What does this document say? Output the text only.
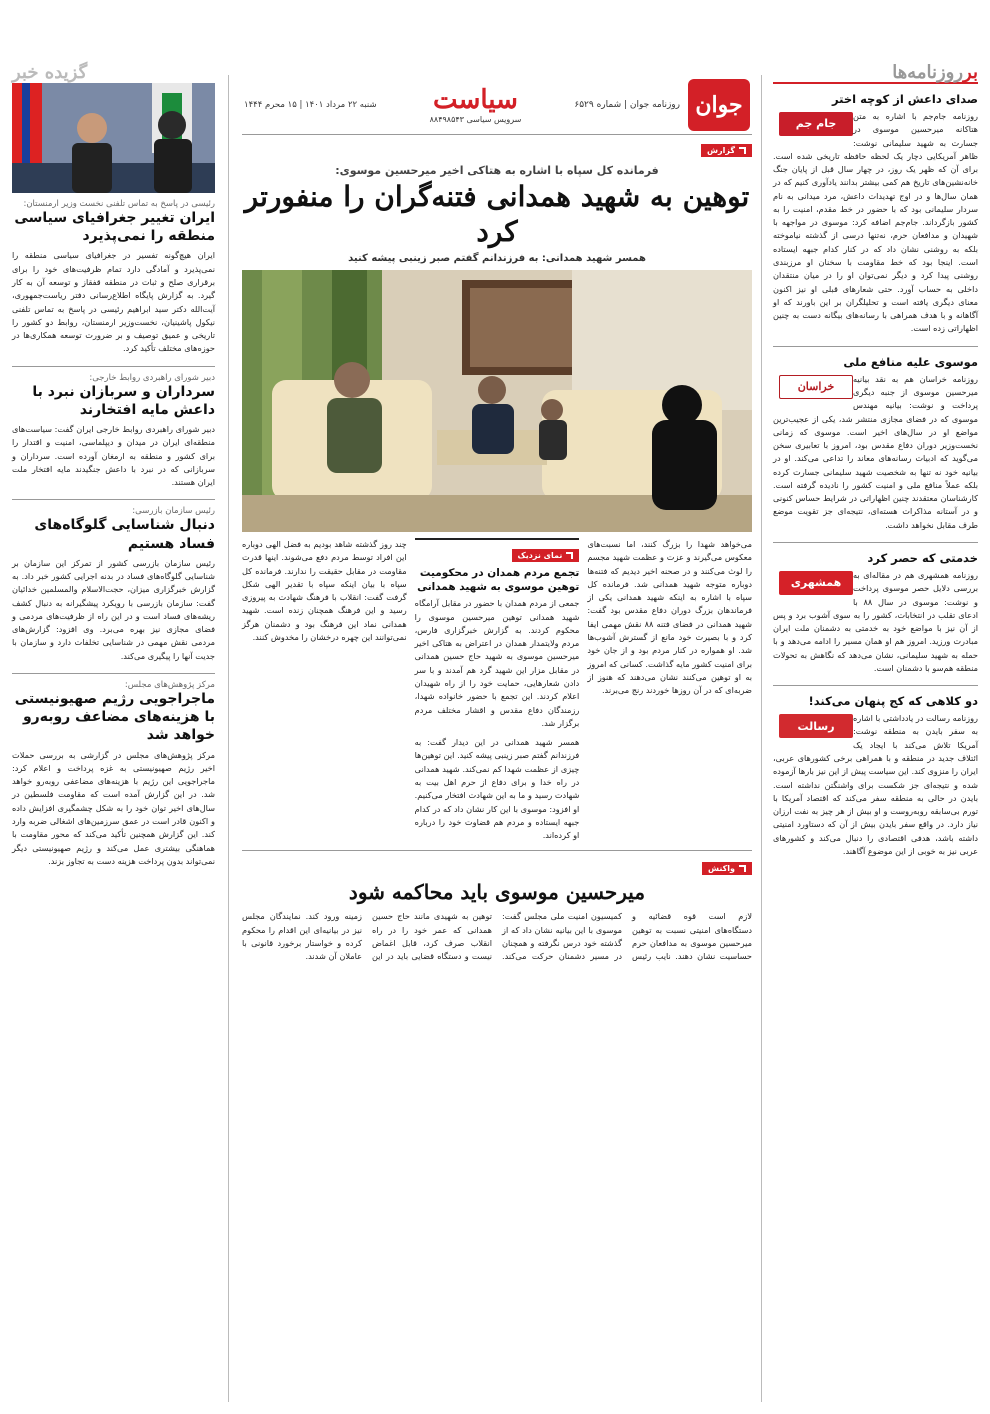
بر
روزنامه‌ها
صدای داعش از کوچه اختر
جام جم
روزنامه جام‌جم با اشاره به متن هتاکانه میرحسین موسوی در جسارت به شهید سلیمانی نوشت: ظاهر آمریکایی دچار یک لحظه حافظه تاریخی شده است. برای آن که ظهر یک روز، در چهار سال قبل از پایان جنگ خانه‌نشین‌های تاریخ هم کمی بیشتر بدانند یادآوری کنیم که در همان سال‌ها و در اوج تهدیدات داعش، مرد میدانی به نام سردار سلیمانی بود که با حضور در خط مقدم، امنیت را به کشور بازگرداند. جام‌جم اضافه کرد: موسوی در مواجهه با شهیدان و مدافعان حرم، نه‌تنها درسی از گذشته نیاموخته بلکه به روشنی نشان داد که در کنار کدام جبهه ایستاده است. اینجا بود که خط مقاومت با سخنان او مرزبندی روشنی پیدا کرد و دیگر نمی‌توان او را در میان منتقدان داخلی به حساب آورد. حتی شعارهای قبلی او نیز اکنون معنای دیگری یافته است و تحلیلگران بر این باورند که او آگاهانه و با هدف همراهی با رسانه‌های بیگانه دست به چنین اظهاراتی زده است.
موسوی علیه منافع ملی
خراسان
روزنامه خراسان هم به نقد بیانیه میرحسین موسوی از جنبه دیگری پرداخت و نوشت: بیانیه مهندس موسوی که در فضای مجازی منتشر شد، یکی از عجیب‌ترین مواضع او در سال‌های اخیر است. موسوی که زمانی نخست‌وزیر دوران دفاع مقدس بود، امروز با تعابیری سخن می‌گوید که ادبیات رسانه‌های معاند را تداعی می‌کند. او در بیانیه خود نه تنها به شخصیت شهید سلیمانی جسارت کرده بلکه عملاً منافع ملی و امنیت کشور را نادیده گرفته است. کارشناسان معتقدند چنین اظهاراتی در شرایط حساس کنونی و در آستانه مذاکرات هسته‌ای، نتیجه‌ای جز تقویت موضع طرف مقابل نخواهد داشت.
خدمتی که حصر کرد
همشهری
روزنامه همشهری هم در مقاله‌ای به بررسی دلایل حصر موسوی پرداخت و نوشت: موسوی در سال ۸۸ با ادعای تقلب در انتخابات، کشور را به سوی آشوب برد و پس از آن نیز با مواضع خود به خدمتی به دشمنان ملت ایران مبادرت ورزید. امروز هم او همان مسیر را ادامه می‌دهد و با حمله به شهید سلیمانی، نشان می‌دهد که نگاهش به تحولات منطقه هم‌سو با دشمنان است.
دو کلاهی که کج پنهان می‌کند!
رسالت
روزنامه رسالت در یادداشتی با اشاره به سفر بایدن به منطقه نوشت: آمریکا تلاش می‌کند با ایجاد یک ائتلاف جدید در منطقه و با همراهی برخی کشورهای عربی، ایران را منزوی کند. این سیاست پیش از این نیز بارها آزموده شده و نتیجه‌ای جز شکست برای واشنگتن نداشته است. بایدن در حالی به منطقه سفر می‌کند که اقتصاد آمریکا با تورم بی‌سابقه روبه‌روست و او بیش از هر چیز به نفت ارزان نیاز دارد. در واقع سفر بایدن بیش از آن که دستاورد امنیتی داشته باشد، هدفی اقتصادی را دنبال می‌کند و کشورهای عربی نیز به خوبی از این موضوع آگاهند.
جوان
روزنامه جوان | شماره ۶۵۲۹
سیاست
سرویس سیاسی ۸۸۴۹۸۵۴۳
شنبه ۲۲ مرداد ۱۴۰۱ | ۱۵ محرم ۱۴۴۴
گزارش
فرمانده کل سپاه با اشاره به هتاکی اخیر میرحسین موسوی:
توهین به شهید همدانی فتنه‌گران را منفورتر کرد
همسر شهید همدانی: به فرزندانم گفتم صبر زینبی پیشه کنید
می‌خواهد شهدا را بزرگ کنند، اما نسبت‌های معکوس می‌گیرند و عزت و عظمت شهید مجسم را لوث می‌کنند و در صحنه اخیر دیدیم که فتنه‌ها دوباره متوجه شهید همدانی شد. فرمانده کل سپاه با اشاره به اینکه شهید همدانی یکی از فرماندهان بزرگ دوران دفاع مقدس بود گفت: شهید همدانی در فضای فتنه ۸۸ نقش مهمی ایفا کرد و با بصیرت خود مانع از گسترش آشوب‌ها شد. او همواره در کنار مردم بود و از جان خود برای امنیت کشور مایه گذاشت. کسانی که امروز به او توهین می‌کنند نشان می‌دهند که هنوز از ضربه‌ای که در آن روزها خوردند رنج می‌برند.
نمای نزدیک
تجمع مردم همدان در محکومیت توهین موسوی به شهید همدانی
جمعی از مردم همدان با حضور در مقابل آرامگاه شهید همدانی توهین میرحسین موسوی را محکوم کردند. به گزارش خبرگزاری فارس، مردم ولایتمدار همدان در اعتراض به هتاکی اخیر میرحسین موسوی به شهید حاج حسین همدانی در مقابل مزار این شهید گرد هم آمدند و با سر دادن شعارهایی، حمایت خود را از راه شهیدان اعلام کردند. این تجمع با حضور خانواده شهدا، رزمندگان دفاع مقدس و اقشار مختلف مردم برگزار شد.
همسر شهید همدانی در این دیدار گفت: به فرزندانم گفتم صبر زینبی پیشه کنید. این توهین‌ها چیزی از عظمت شهدا کم نمی‌کند. شهید همدانی در راه خدا و برای دفاع از حرم اهل بیت به شهادت رسید و ما به این شهادت افتخار می‌کنیم. او افزود: موسوی با این کار نشان داد که در کدام جبهه ایستاده و مردم هم قضاوت خود را درباره او کرده‌اند.
چند روز گذشته شاهد بودیم به فضل الهی دوباره این افراد توسط مردم دفع می‌شوند. اینها قدرت مقاومت در مقابل حقیقت را ندارند. فرمانده کل سپاه با بیان اینکه سپاه با تقدیر الهی شکل گرفت گفت: انقلاب با فرهنگ شهادت به پیروزی رسید و این فرهنگ همچنان زنده است. شهید همدانی نماد این فرهنگ بود و دشمنان هرگز نمی‌توانند این چهره درخشان را مخدوش کنند.
واکنش
میرحسین موسوی باید محاکمه شود
لازم است قوه قضائیه و دستگاه‌های امنیتی نسبت به توهین میرحسین موسوی به مدافعان حرم حساسیت نشان دهند. نایب رئیس کمیسیون امنیت ملی مجلس گفت: موسوی با این بیانیه نشان داد که از گذشته خود درس نگرفته و همچنان در مسیر دشمنان حرکت می‌کند. توهین به شهیدی مانند حاج حسین همدانی که عمر خود را در راه انقلاب صرف کرد، قابل اغماض نیست و دستگاه قضایی باید در این زمینه ورود کند. نمایندگان مجلس نیز در بیانیه‌ای این اقدام را محکوم کرده و خواستار برخورد قانونی با عاملان آن شدند.
گزیده خبر
رئیسی در پاسخ به تماس تلفنی نخست وزیر ارمنستان:
ایران تغییر جغرافیای سیاسی منطقه را نمی‌پذیرد
ایران هیچ‌گونه تفسیر در جغرافیای سیاسی منطقه را نمی‌پذیرد و آمادگی دارد تمام ظرفیت‌های خود را برای برقراری صلح و ثبات در منطقه قفقاز و توسعه آن به کار گیرد. به گزارش پایگاه اطلاع‌رسانی دفتر ریاست‌جمهوری، آیت‌الله دکتر سید ابراهیم رئیسی در پاسخ به تماس تلفنی نیکول پاشینیان، نخست‌وزیر ارمنستان، روابط دو کشور را تاریخی و عمیق توصیف و بر ضرورت توسعه همکاری‌ها در حوزه‌های مختلف تأکید کرد.
دبیر شورای راهبردی روابط خارجی:
سرداران و سربازان نبرد با داعش مایه افتخارند
دبیر شورای راهبردی روابط خارجی ایران گفت: سیاست‌های منطقه‌ای ایران در میدان و دیپلماسی، امنیت و اقتدار را برای کشور و منطقه به ارمغان آورده است. سرداران و سربازانی که در نبرد با داعش جنگیدند مایه افتخار ملت ایران هستند.
رئیس سازمان بازرسی:
دنبال شناسایی گلوگاه‌های فساد هستیم
رئیس سازمان بازرسی کشور از تمرکز این سازمان بر شناسایی گلوگاه‌های فساد در بدنه اجرایی کشور خبر داد. به گزارش خبرگزاری میزان، حجت‌الاسلام والمسلمین خدائیان گفت: سازمان بازرسی با رویکرد پیشگیرانه به دنبال کشف ریشه‌های فساد است و در این راه از ظرفیت‌های مردمی و فضای مجازی نیز بهره می‌برد. وی افزود: گزارش‌های مردمی نقش مهمی در شناسایی تخلفات دارد و سازمان با جدیت آنها را پیگیری می‌کند.
مرکز پژوهش‌های مجلس:
ماجراجویی رژیم صهیونیستی با هزینه‌های مضاعف روبه‌رو خواهد شد
مرکز پژوهش‌های مجلس در گزارشی به بررسی حملات اخیر رژیم صهیونیستی به غزه پرداخت و اعلام کرد: ماجراجویی این رژیم با هزینه‌های مضاعفی روبه‌رو خواهد شد. در این گزارش آمده است که مقاومت فلسطین در سال‌های اخیر توان خود را به شکل چشمگیری افزایش داده و اکنون قادر است در عمق سرزمین‌های اشغالی ضربه وارد کند. این گزارش همچنین تأکید می‌کند که محور مقاومت با هماهنگی بیشتری عمل می‌کند و رژیم صهیونیستی دیگر نمی‌تواند بدون پرداخت هزینه دست به تجاوز بزند.
